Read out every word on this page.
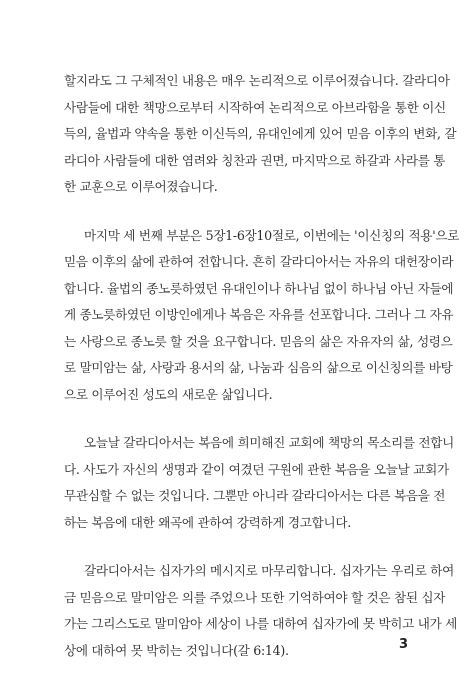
할지라도 그 구체적인 내용은 매우 논리적으로 이루어졌습니다. 갈라디아
사람들에 대한 책망으로부터 시작하여 논리적으로 아브라함을 통한 이신
득의, 율법과 약속을 통한 이신득의, 유대인에게 있어 믿음 이후의 변화, 갈
라디아 사람들에 대한 염려와 칭찬과 권면, 마지막으로 하갈과 사라를 통
한 교훈으로 이루어졌습니다.

마지막 세 번째 부분은 5장1-6장10절로, 이번에는 '이신칭의 적용'으로
믿음 이후의 삶에 관하여 전합니다. 흔히 갈라디아서는 자유의 대헌장이라
합니다. 율법의 종노릇하였던 유대인이나 하나님 없이 하나님 아닌 자들에
게 종노릇하였던 이방인에게나 복음은 자유를 선포합니다. 그러나 그 자유
는 사랑으로 종노릇 할 것을 요구합니다. 믿음의 삶은 자유자의 삶, 성령으
로 말미암는 삶, 사랑과 용서의 삶, 나눔과 심음의 삶으로 이신칭의를 바탕
으로 이루어진 성도의 새로운 삶입니다.

오늘날 갈라디아서는 복음에 희미해진 교회에 책망의 목소리를 전합니
다. 사도가 자신의 생명과 같이 여겼던 구원에 관한 복음을 오늘날 교회가
무관심할 수 없는 것입니다. 그뿐만 아니라 갈라디아서는 다른 복음을 전
하는 복음에 대한 왜곡에 관하여 강력하게 경고합니다.

갈라디아서는 십자가의 메시지로 마무리합니다. 십자가는 우리로 하여
금 믿음으로 말미암은 의를 주었으나 또한 기억하여야 할 것은 참된 십자
가는 그리스도로 말미암아 세상이 나를 대하여 십자가에 못 박히고 내가 세
상에 대하여 못 박히는 것입니다(갈 6:14).	3
